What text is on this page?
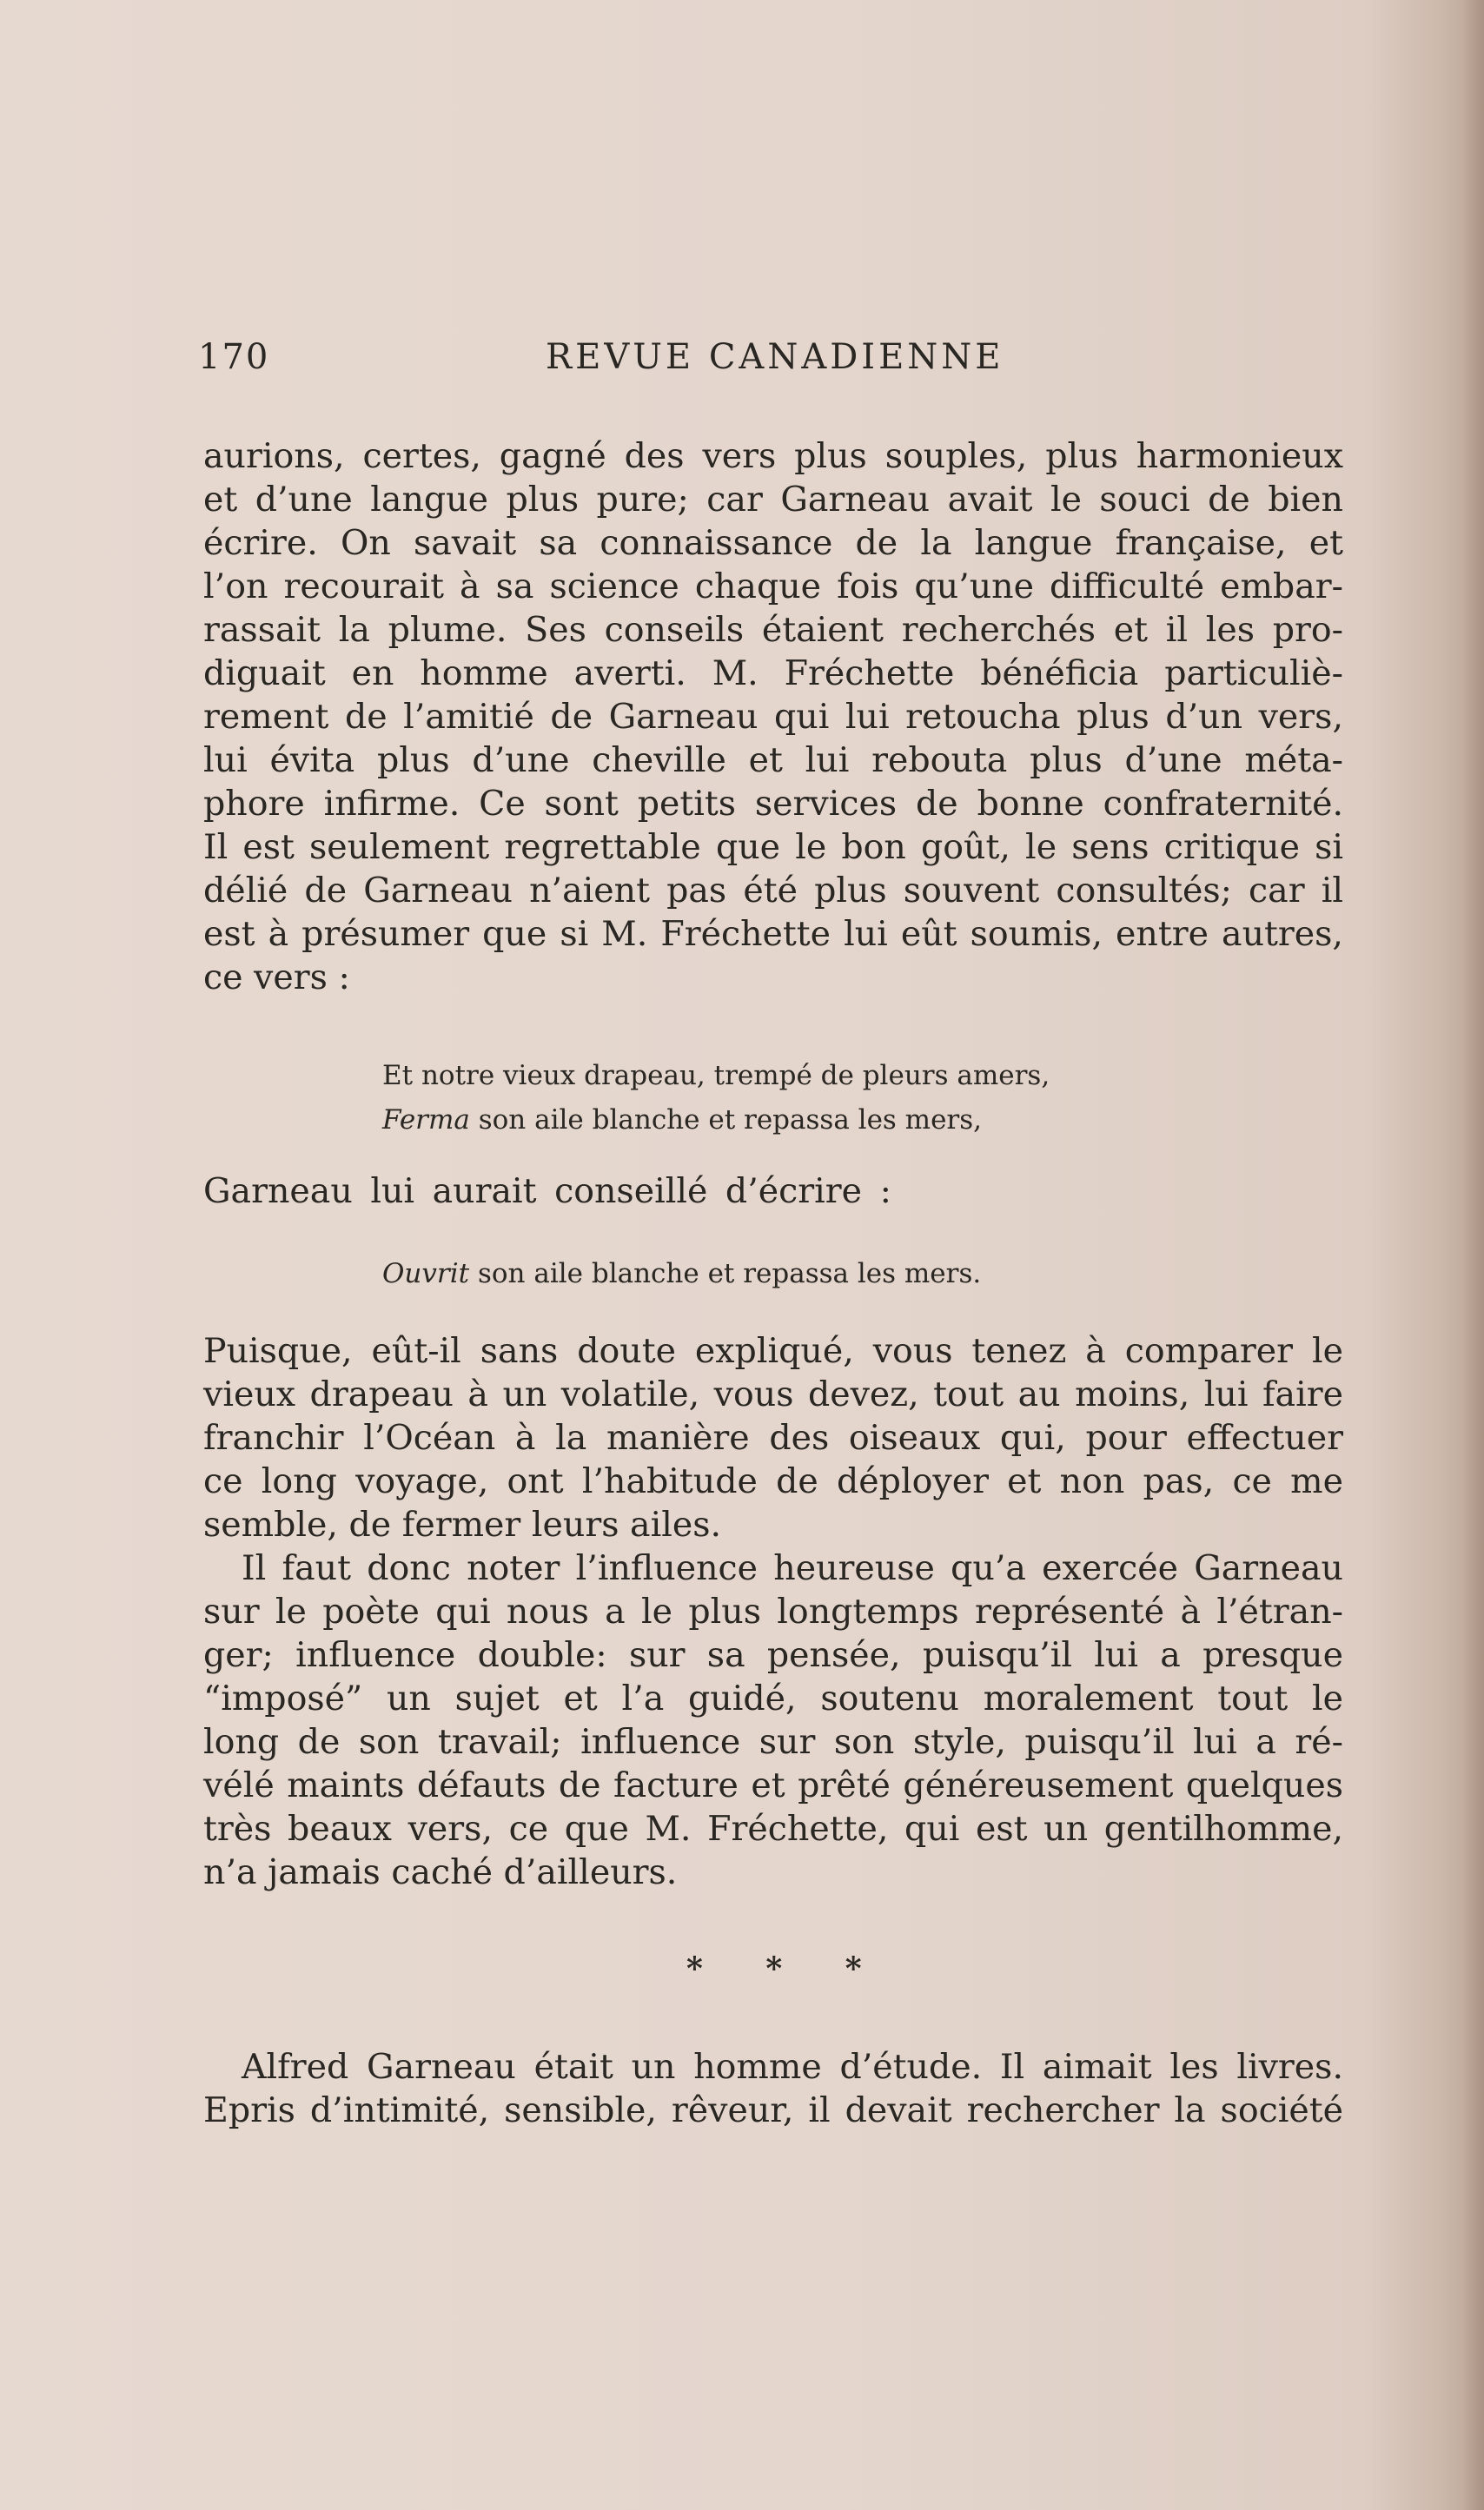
170	REVUE CANADIENNE
aurions, certes, gagné des vers plus souples, plus harmonieux
et d’une langue plus pure; car Garneau avait le souci de bien
écrire. On savait sa connaissance de la langue française, et
l’on recourait à sa science chaque fois qu’une difficulté embar-
rassait la plume. Ses conseils étaient recherchés et il les pro-
diguait en homme averti. M. Fréchette bénéficia particuliè-
rement de l’amitié de Garneau qui lui retoucha plus d’un vers,
lui évita plus d’une cheville et lui rebouta plus d’une méta-
phore infirme. Ce sont petits services de bonne confraternité.
Il est seulement regrettable que le bon goût, le sens critique si
délié de Garneau n’aient pas été plus souvent consultés; car il
est à présumer que si M. Fréchette lui eût soumis, entre autres,
ce vers :
Et notre vieux drapeau, trempé de pleurs amers,
Ferma son aile blanche et repassa les mers,
Garneau lui aurait conseillé d’écrire :
Ouvrit son aile blanche et repassa les mers.
Puisque, eût-il sans doute expliqué, vous tenez à comparer le
vieux drapeau à un volatile, vous devez, tout au moins, lui faire
franchir l’Océan à la manière des oiseaux qui, pour effectuer
ce long voyage, ont l’habitude de déployer et non pas, ce me
semble, de fermer leurs ailes.
Il faut donc noter l’influence heureuse qu’a exercée Garneau
sur le poète qui nous a le plus longtemps représenté à l’étran-
ger; influence double: sur sa pensée, puisqu’il lui a presque
“imposé” un sujet et l’a guidé, soutenu moralement tout le
long de son travail; influence sur son style, puisqu’il lui a ré-
vélé maints défauts de facture et prêté généreusement quelques
très beaux vers, ce que M. Fréchette, qui est un gentilhomme,
n’a jamais caché d’ailleurs.
* * *
Alfred Garneau était un homme d’étude. Il aimait les livres.
Epris d’intimité, sensible, rêveur, il devait rechercher la société
